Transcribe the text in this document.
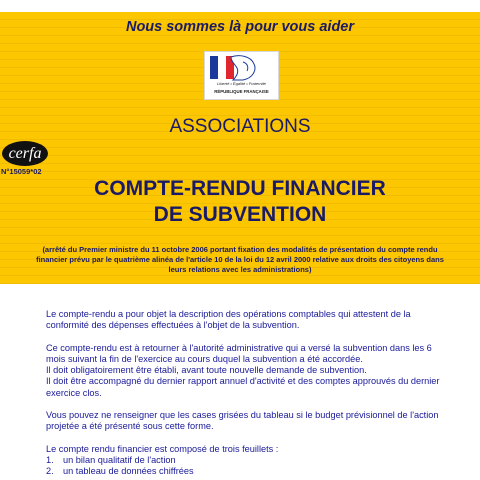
Nous sommes là pour vous aider
Liberté • Égalité • Fraternité
RÉPUBLIQUE FRANÇAISE
ASSOCIATIONS
cerfa
N°15059*02
COMPTE-RENDU FINANCIER
DE SUBVENTION
(arrêté du Premier ministre du 11 octobre 2006 portant fixation des modalités de présentation du compte rendu financier prévu par le quatrième alinéa de l'article 10 de la loi du 12 avril 2000 relative aux droits des citoyens dans leurs relations avec les administrations)

Le compte-rendu a pour objet la description des opérations comptables qui attestent de la conformité des dépenses effectuées à l'objet de la subvention.

Ce compte-rendu est à retourner à l'autorité administrative qui a versé la subvention dans les 6 mois suivant la fin de l'exercice au cours duquel la subvention a été accordée.

Il doit obligatoirement être établi, avant toute nouvelle demande de subvention.

Il doit être accompagné du dernier rapport annuel d'activité et des comptes approuvés du dernier exercice clos.

Vous pouvez ne renseigner que les cases grisées du tableau si le budget prévisionnel de l'action projetée a été présenté sous cette forme.

Le compte rendu financier est composé de trois feuillets :

1.	un bilan qualitatif de l'action
2.	un tableau de données chiffrées
